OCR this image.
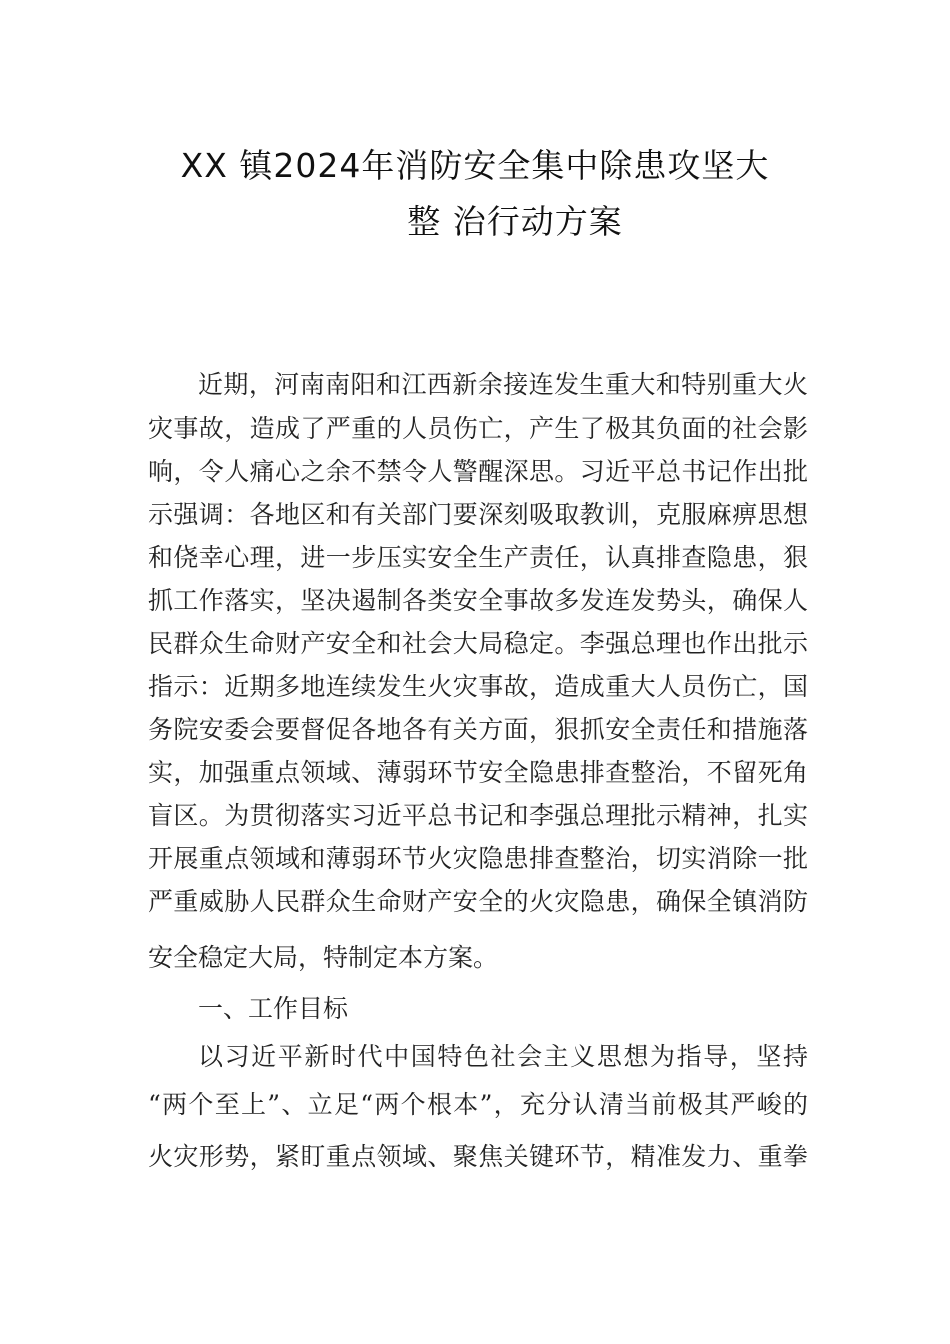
XX 镇2024年消防安全集中除患攻坚大
整 治行动方案
近期，河南南阳和江西新余接连发生重大和特别重大火
灾事故，造成了严重的人员伤亡，产生了极其负面的社会影
响，令人痛心之余不禁令人警醒深思。习近平总书记作出批
示强调：各地区和有关部门要深刻吸取教训，克服麻痹思想
和侥幸心理，进一步压实安全生产责任，认真排查隐患，狠
抓工作落实，坚决遏制各类安全事故多发连发势头，确保人
民群众生命财产安全和社会大局稳定。李强总理也作出批示
指示：近期多地连续发生火灾事故，造成重大人员伤亡，国
务院安委会要督促各地各有关方面，狠抓安全责任和措施落
实，加强重点领域、薄弱环节安全隐患排查整治，不留死角
盲区。为贯彻落实习近平总书记和李强总理批示精神，扎实
开展重点领域和薄弱环节火灾隐患排查整治，切实消除一批
严重威胁人民群众生命财产安全的火灾隐患，确保全镇消防
安全稳定大局，特制定本方案。
一、工作目标
以习近平新时代中国特色社会主义思想为指导，坚持
“两个至上”、立足“两个根本”，充分认清当前极其严峻的
火灾形势，紧盯重点领域、聚焦关键环节，精准发力、重拳
